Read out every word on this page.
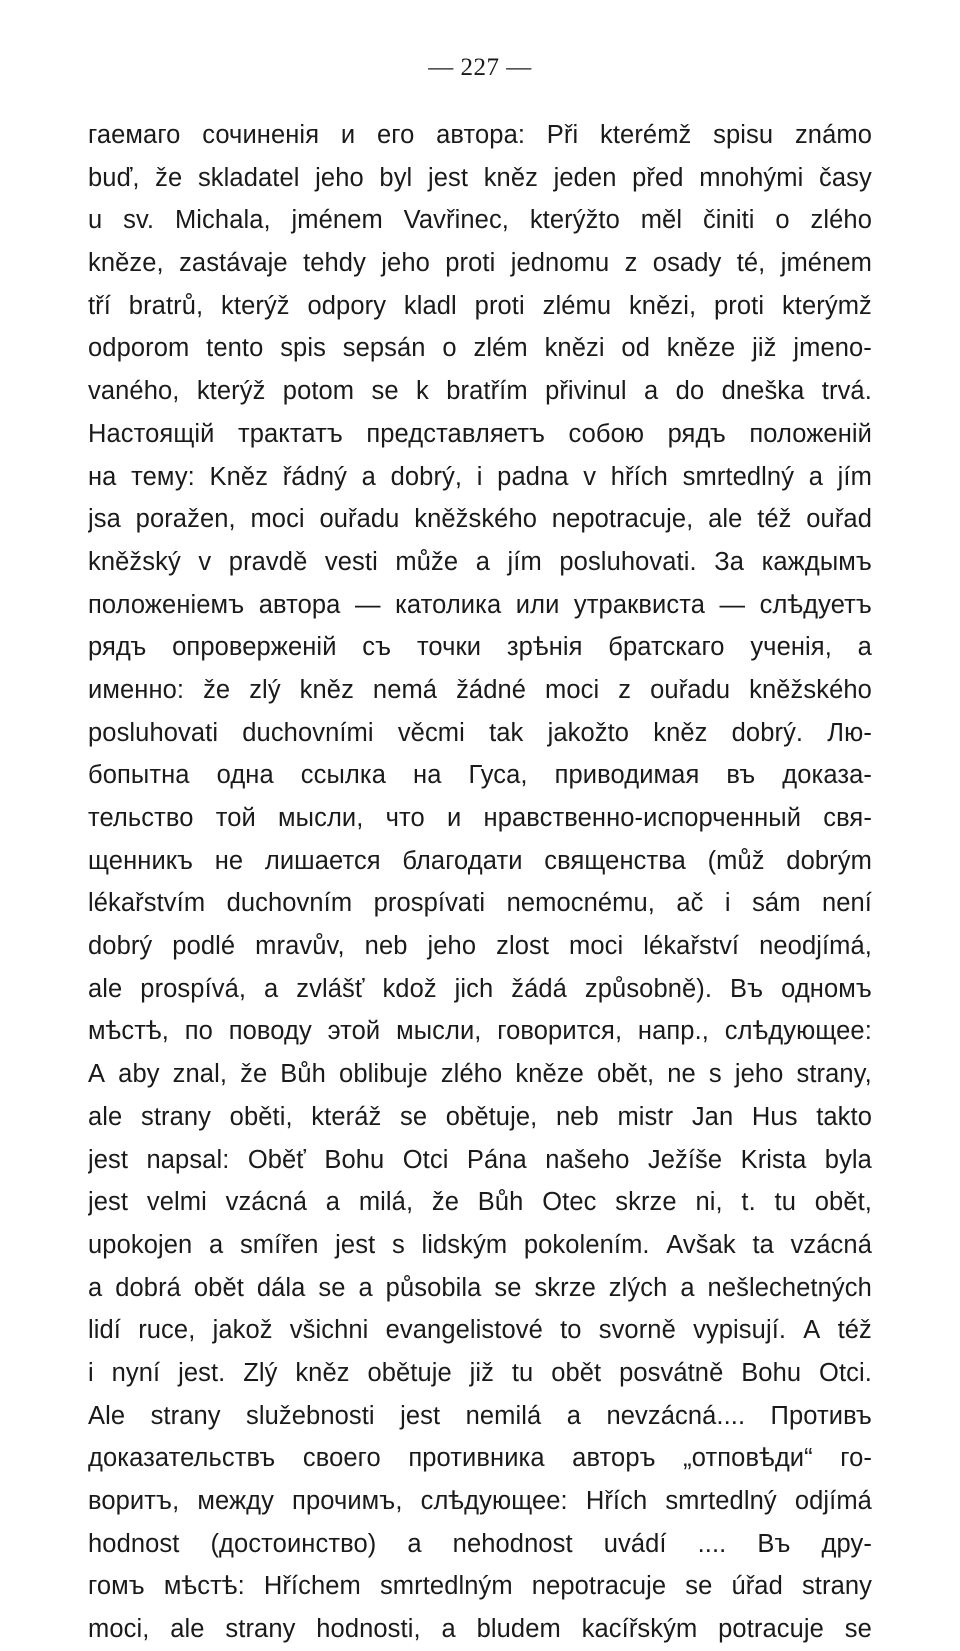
— 227 —
гаемаго сочиненія и его автора: Při kterémž spisu známo
buď, že skladatel jeho byl jest kněz jeden před mnohými časy
u sv. Michala, jménem Vavřinec, kterýžto měl činiti o zlého
kněze, zastávaje tehdy jeho proti jednomu z osady té, jménem
tří bratrů, kterýž odpory kladl proti zlému knězi, proti kterýmž
odporom tento spis sepsán o zlém knězi od kněze již jmeno-
vaného, kterýž potom se k bratřím přivinul a do dneška trvá.
Настоящій трактатъ представляетъ собою рядъ положеній
на тему: Kněz řádný a dobrý, i padna v hřích smrtedlný a jím
jsa poražen, moci ouřadu kněžského nepotracuje, ale též ouřad
kněžský v pravdě vesti může a jím posluhovati. За каждымъ
положеніемъ автора — католика или утраквиста — слѣдуетъ
рядъ опроверженій съ точки зрѣнія братскаго ученія, а
именно: že zlý kněz nemá žádné moci z ouřadu kněžského
posluhovati duchovními věcmi tak jakožto kněz dobrý. Лю-
бопытна одна ссылка на Гуса, приводимая въ доказа-
тельство той мысли, что и нравственно-испорченный свя-
щенникъ не лишается благодати священства (můž dobrým
lékařstvím duchovním prospívati nemocnému, ač i sám není
dobrý podlé mravův, neb jeho zlost moci lékařství neodjímá,
ale prospívá, a zvlášť kdož jich žádá způsobně). Въ одномъ
мѣстѣ, по поводу этой мысли, говорится, напр., слѣдующее:
A aby znal, že Bůh oblibuje zlého kněze obět, ne s jeho strany,
ale strany oběti, kteráž se obětuje, neb mistr Jan Hus takto
jest napsal: Oběť Bohu Otci Pána našeho Ježíše Krista byla
jest velmi vzácná a milá, že Bůh Otec skrze ni, t. tu obět,
upokojen a smířen jest s lidským pokolením. Avšak ta vzácná
a dobrá obět dála se a působila se skrze zlých a nešlechetných
lidí ruce, jakož všichni evangelistové to svorně vypisují. A též
i nyní jest. Zlý kněz obětuje již tu obět posvátně Bohu Otci.
Ale strany služebnosti jest nemilá a nevzácná.... Противъ
доказательствъ своего противника авторъ „отповѣди“ го-
воритъ, между прочимъ, слѣдующее: Hřích smrtedlný odjímá
hodnost (достоинство) a nehodnost uvádí .... Въ дру-
гомъ мѣстѣ: Hříchem smrtedlným nepotracuje se úřad strany
moci, ale strany hodnosti, a bludem kacířským potracuje se
